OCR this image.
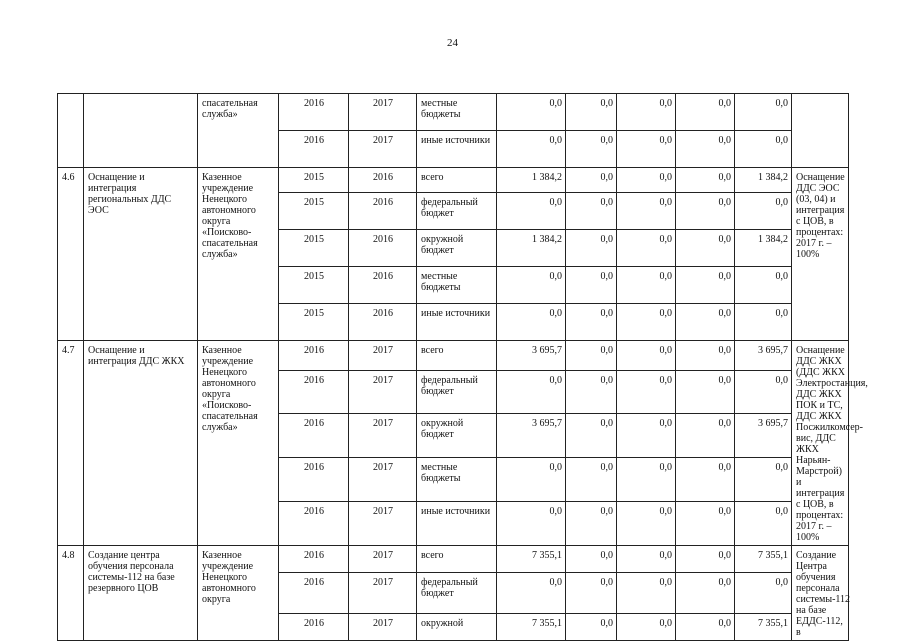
24
		спасательная служба»	2016	2017	местные бюджеты	0,0	0,0	0,0	0,0	0,0	
			2016	2017	иные источники	0,0	0,0	0,0	0,0	0,0	
4.6	Оснащение и интеграция региональных ДДС ЭОС	Казенное учреждение Ненецкого автономного округа «Поисково-спасательная служба»	2015	2016	всего	1 384,2	0,0	0,0	0,0	1 384,2	Оснащение ДДС ЭОС (03, 04) и интеграция с ЦОВ, в процентах: 2017 г. – 100%
			2015	2016	федеральный бюджет	0,0	0,0	0,0	0,0	0,0	
			2015	2016	окружной бюджет	1 384,2	0,0	0,0	0,0	1 384,2	
			2015	2016	местные бюджеты	0,0	0,0	0,0	0,0	0,0	
			2015	2016	иные источники	0,0	0,0	0,0	0,0	0,0	
4.7	Оснащение и интеграция ДДС ЖКХ	Казенное учреждение Ненецкого автономного округа «Поисково-спасательная служба»	2016	2017	всего	3 695,7	0,0	0,0	0,0	3 695,7	Оснащение ДДС ЖКХ (ДДС ЖКХ Электростанция, ДДС ЖКХ ПОК и ТС, ДДС ЖКХ Посжилкомсер-вис, ДДС ЖКХ Нарьян-Марстрой) и интеграция с ЦОВ, в процентах: 2017 г. – 100%
			2016	2017	федеральный бюджет	0,0	0,0	0,0	0,0	0,0	
			2016	2017	окружной бюджет	3 695,7	0,0	0,0	0,0	3 695,7	
			2016	2017	местные бюджеты	0,0	0,0	0,0	0,0	0,0	
			2016	2017	иные источники	0,0	0,0	0,0	0,0	0,0	
4.8	Создание центра обучения персонала системы-112 на базе резервного ЦОВ	Казенное учреждение Ненецкого автономного округа	2016	2017	всего	7 355,1	0,0	0,0	0,0	7 355,1	Создание Центра обучения персонала системы-112 на базе ЕДДС-112, в
			2016	2017	федеральный бюджет	0,0	0,0	0,0	0,0	0,0	
			2016	2017	окружной	7 355,1	0,0	0,0	0,0	7 355,1	
